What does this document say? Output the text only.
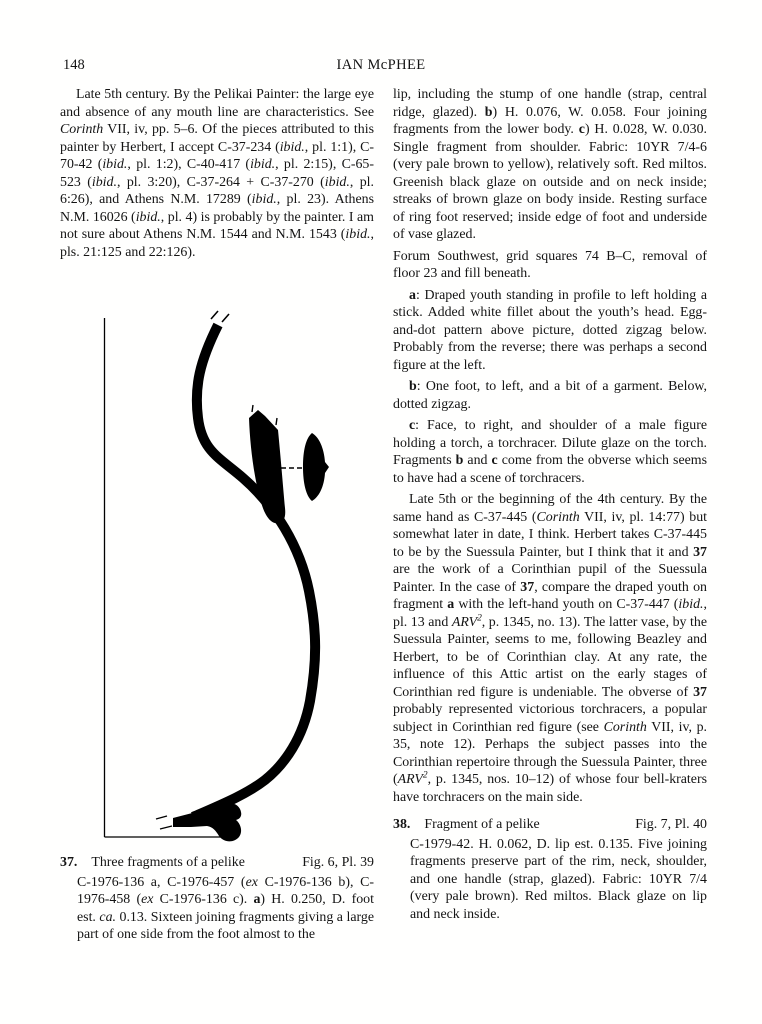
148	IAN McPHEE

Late 5th century. By the Pelikai Painter: the large eye and absence of any mouth line are characteristics. See Corinth VII, iv, pp. 5–6. Of the pieces attributed to this painter by Herbert, I accept C-37-234 (ibid., pl. 1:1), C-70-42 (ibid., pl. 1:2), C-40-417 (ibid., pl. 2:15), C-65-523 (ibid., pl. 3:20), C-37-264 + C-37-270 (ibid., pl. 6:26), and Athens N.M. 17289 (ibid., pl. 23). Athens N.M. 16026 (ibid., pl. 4) is probably by the painter. I am not sure about Athens N.M. 1544 and N.M. 1543 (ibid., pls. 21:125 and 22:126).

37. Three fragments of a pelike	Fig. 6, Pl. 39

C-1976-136 a, C-1976-457 (ex C-1976-136 b), C-1976-458 (ex C-1976-136 c). a) H. 0.250, D. foot est. ca. 0.13. Sixteen joining fragments giving a large part of one side from the foot almost to the

lip, including the stump of one handle (strap, central ridge, glazed). b) H. 0.076, W. 0.058. Four joining fragments from the lower body. c) H. 0.028, W. 0.030. Single fragment from shoulder. Fabric: 10YR 7/4-6 (very pale brown to yellow), relatively soft. Red miltos. Greenish black glaze on outside and on neck inside; streaks of brown glaze on body inside. Resting surface of ring foot reserved; inside edge of foot and underside of vase glazed.

Forum Southwest, grid squares 74 B–C, removal of floor 23 and fill beneath.

a: Draped youth standing in profile to left holding a stick. Added white fillet about the youth’s head. Egg-and-dot pattern above picture, dotted zigzag below. Probably from the reverse; there was perhaps a second figure at the left.

b: One foot, to left, and a bit of a garment. Below, dotted zigzag.

c: Face, to right, and shoulder of a male figure holding a torch, a torchracer. Dilute glaze on the torch. Fragments b and c come from the obverse which seems to have had a scene of torchracers.

Late 5th or the beginning of the 4th century. By the same hand as C-37-445 (Corinth VII, iv, pl. 14:77) but somewhat later in date, I think. Herbert takes C-37-445 to be by the Suessula Painter, but I think that it and 37 are the work of a Corinthian pupil of the Suessula Painter. In the case of 37, compare the draped youth on fragment a with the left-hand youth on C-37-447 (ibid., pl. 13 and ARV$^2$, p. 1345, no. 13). The latter vase, by the Suessula Painter, seems to me, following Beazley and Herbert, to be of Corinthian clay. At any rate, the influence of this Attic artist on the early stages of Corinthian red figure is undeniable. The obverse of 37 probably represented victorious torchracers, a popular subject in Corinthian red figure (see Corinth VII, iv, p. 35, note 12). Perhaps the subject passes into the Corinthian repertoire through the Suessula Painter, three (ARV$^2$, p. 1345, nos. 10–12) of whose four bell-kraters have torchracers on the main side.

38. Fragment of a pelike	Fig. 7, Pl. 40

C-1979-42. H. 0.062, D. lip est. 0.135. Five joining fragments preserve part of the rim, neck, shoulder, and one handle (strap, glazed). Fabric: 10YR 7/4 (very pale brown). Red miltos. Black glaze on lip and neck inside.
